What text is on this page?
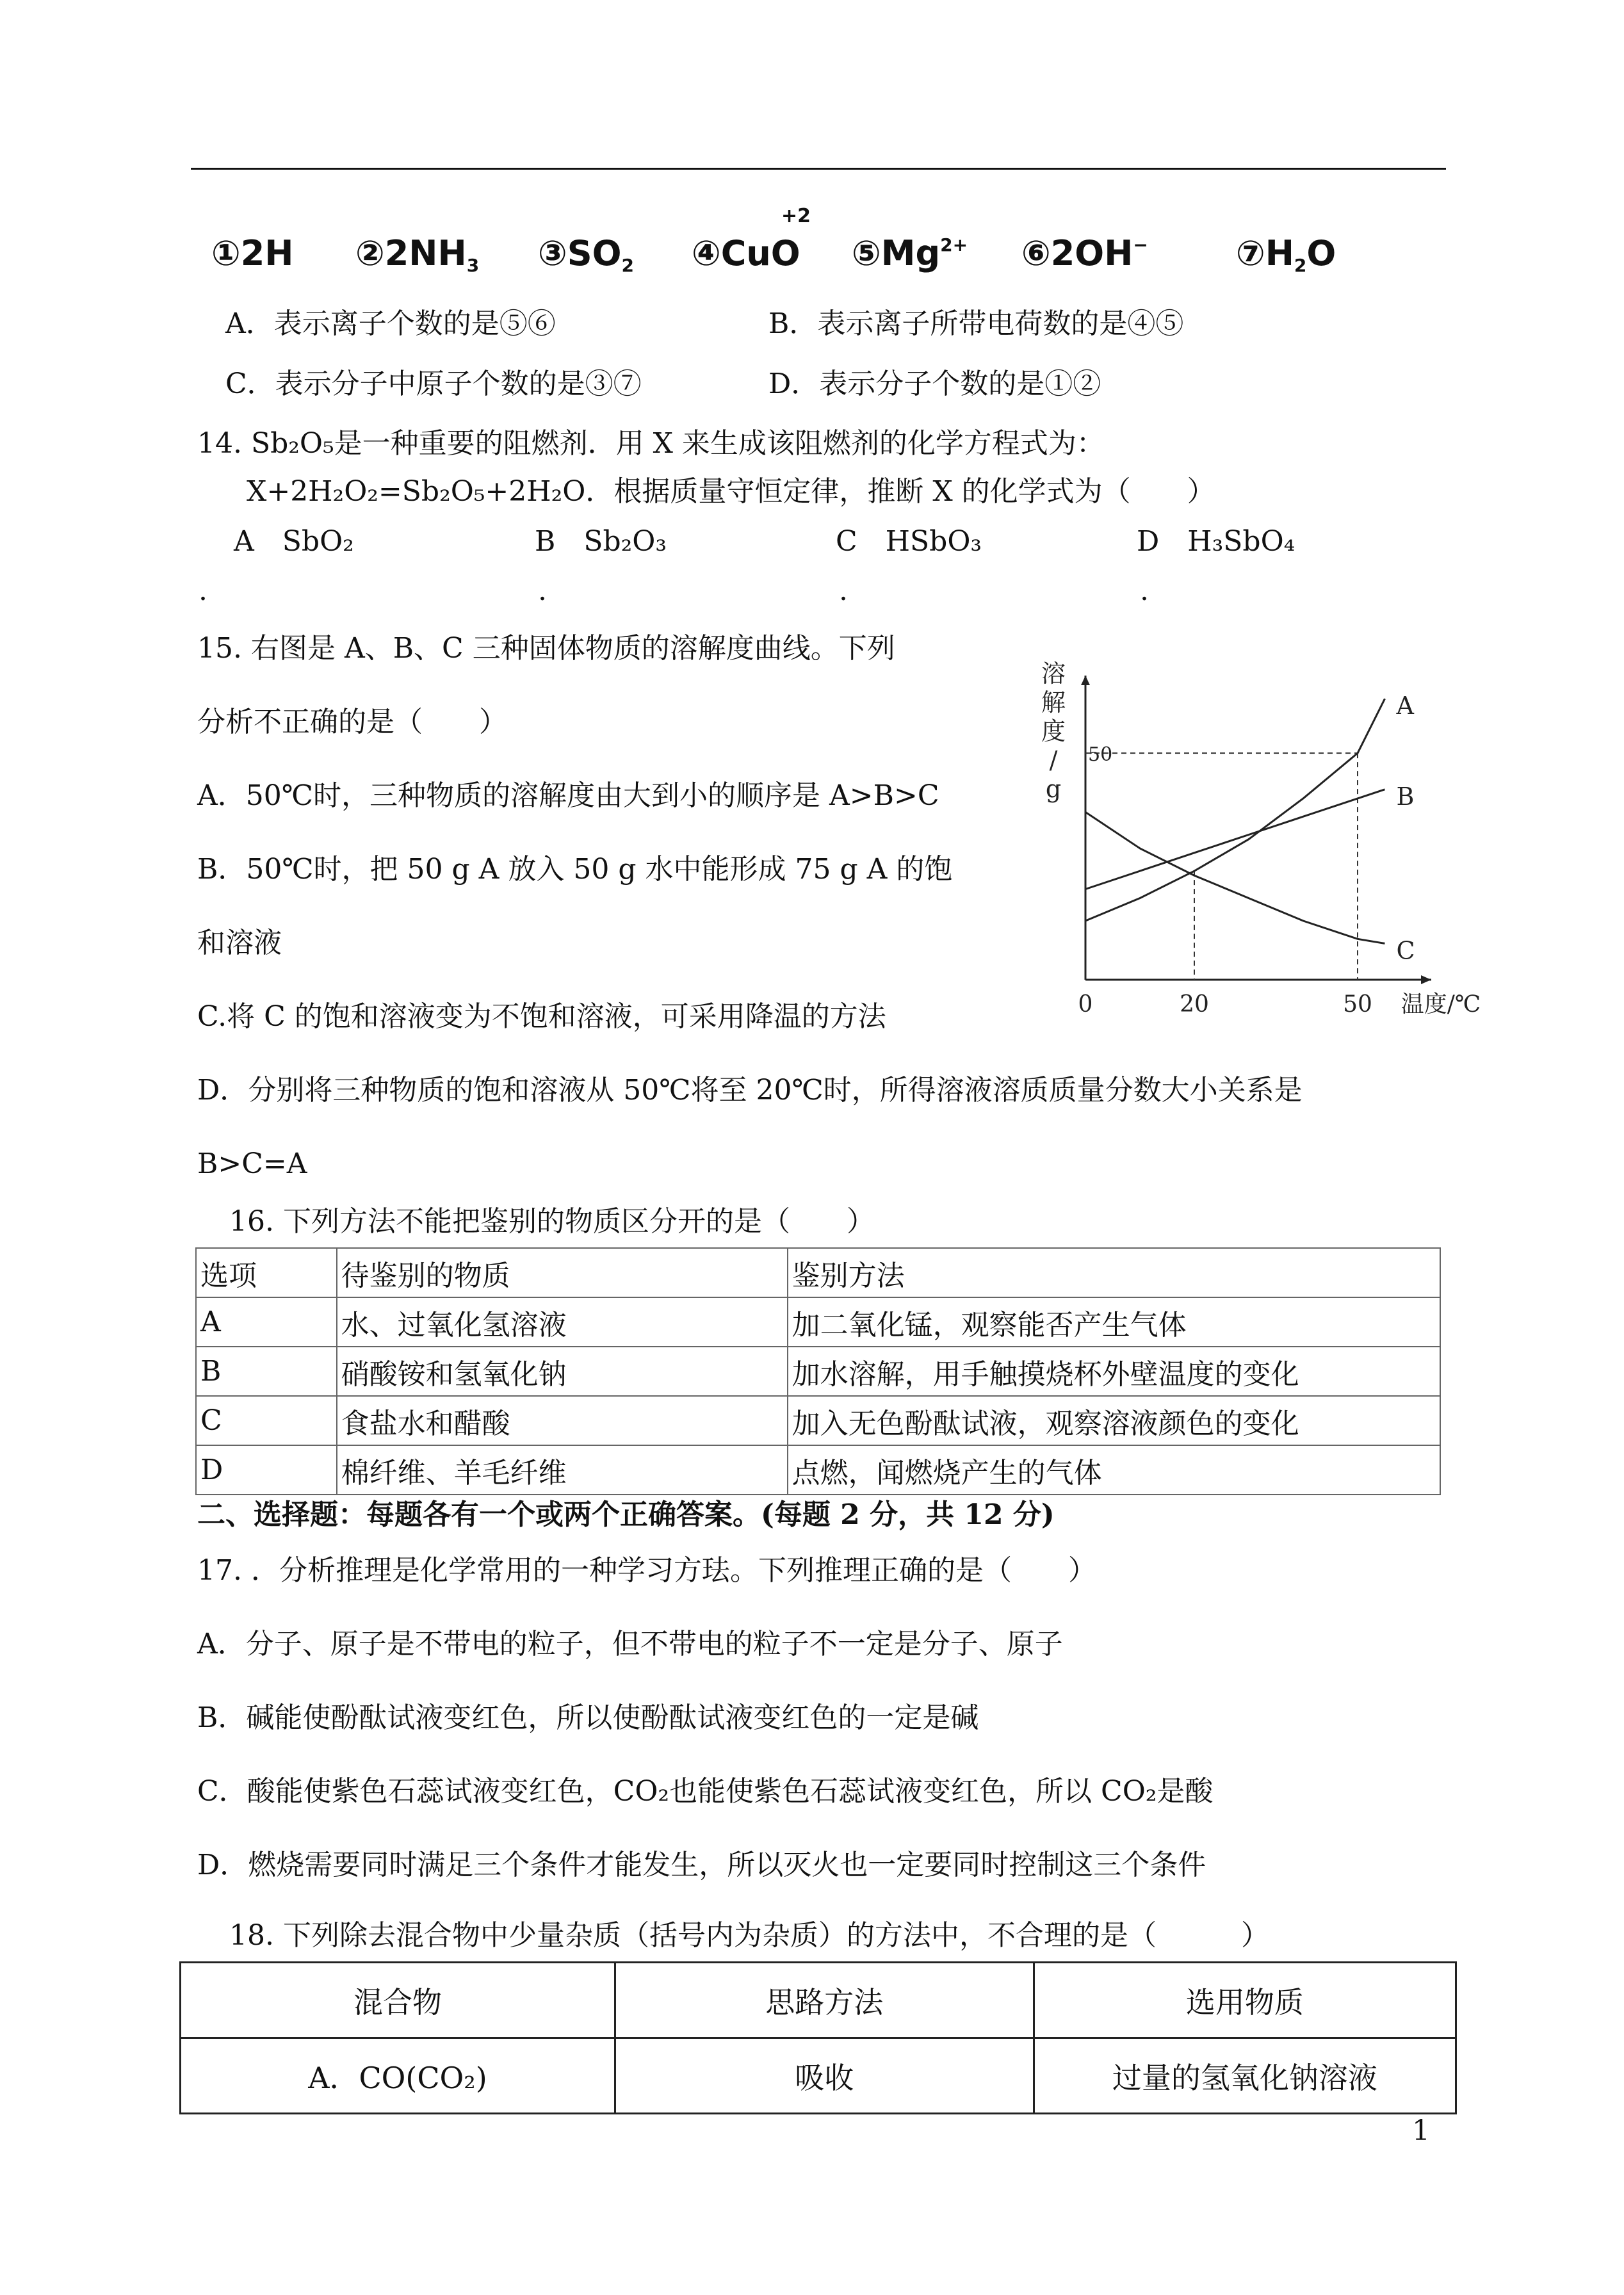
①2H $②2NH_3$ $③SO_2$ ④CuO
+2
$⑤Mg^{2+}$ ⑥2OH−	$⑦H_2O$
A．表示离子个数的是⑤⑥	B．表示离子所带电荷数的是④⑤
C．表示分子中原子个数的是③⑦	D．表示分子个数的是①②
14. Sb₂O₅是一种重要的阻燃剂．用 X 来生成该阻燃剂的化学方程式为：
X+2H₂O₂=Sb₂O₅+2H₂O．根据质量守恒定律，推断 X 的化学式为（　　）
A　SbO₂	B　Sb₂O₃	C　HSbO₃	D　H₃SbO₄
.	.	.	.
15. 右图是 A、B、C 三种固体物质的溶解度曲线。下列
分析不正确的是（　　）
A．50℃时，三种物质的溶解度由大到小的顺序是 A>B>C
B．50℃时，把 50 g A 放入 50 g 水中能形成 75 g A 的饱
和溶液
C.将 C 的饱和溶液变为不饱和溶液，可采用降温的方法
D．分别将三种物质的饱和溶液从 50℃将至 20℃时，所得溶液溶质质量分数大小关系是
B>C=A
溶
解
度
/
g
50
0	20	50 温度/℃
A
B
C
16. 下列方法不能把鉴别的物质区分开的是（　　）
选项	待鉴别的物质	鉴别方法
A	水、过氧化氢溶液	加二氧化锰，观察能否产生气体
B	硝酸铵和氢氧化钠	加水溶解，用手触摸烧杯外壁温度的变化
C	食盐水和醋酸	加入无色酚酞试液，观察溶液颜色的变化
D	棉纤维、羊毛纤维	点燃，闻燃烧产生的气体
二、选择题：每题各有一个或两个正确答案。(每题 2 分，共 12 分)
17. ．分析推理是化学常用的一种学习方珐。下列推理正确的是（　　）
A．分子、原子是不带电的粒子，但不带电的粒子不一定是分子、原子
B．碱能使酚酞试液变红色，所以使酚酞试液变红色的一定是碱
C．酸能使紫色石蕊试液变红色，CO₂也能使紫色石蕊试液变红色，所以 CO₂是酸
D．燃烧需要同时满足三个条件才能发生，所以灭火也一定要同时控制这三个条件
18. 下列除去混合物中少量杂质（括号内为杂质）的方法中，不合理的是（　　　）
混合物	思路方法	选用物质
A．CO(CO₂)	吸收	过量的氢氧化钠溶液
1
